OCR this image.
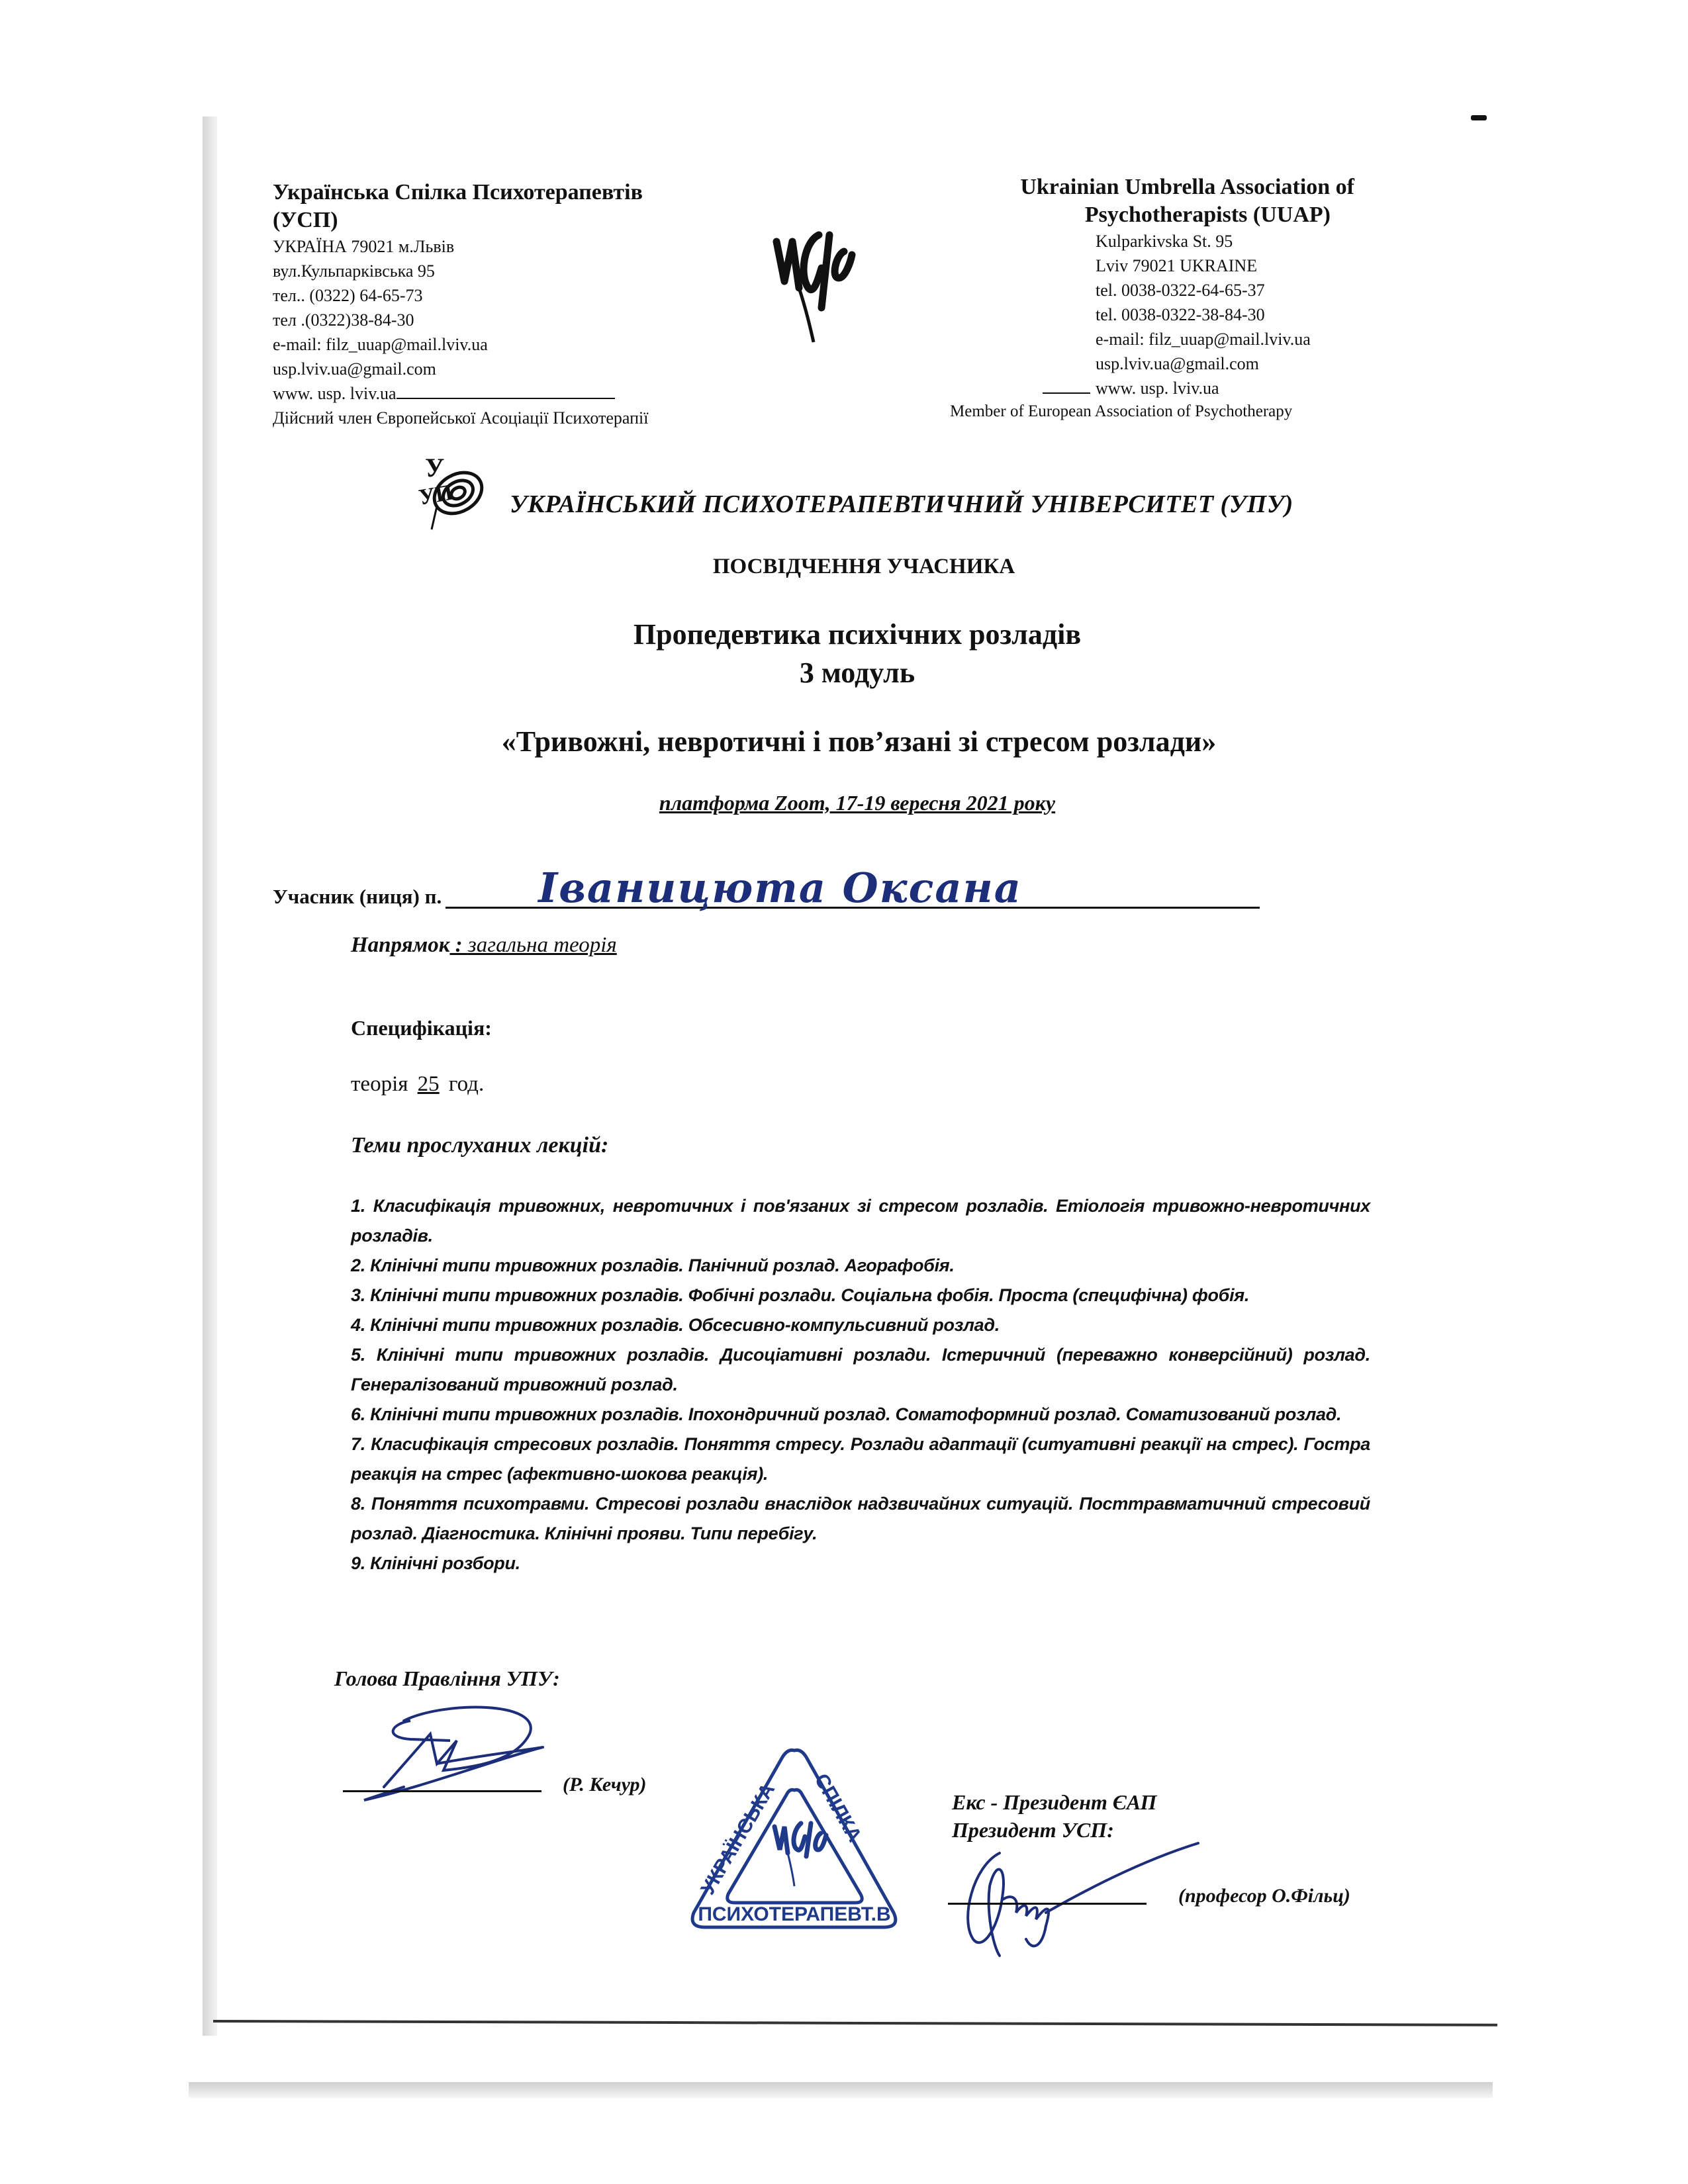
Українська Спілка Психотерапевтів
(УСП)
УКРАЇНА 79021 м.Львів
вул.Кульпарківська 95
тел.. (0322) 64-65-73
тел .(0322)38-84-30
e-mail: filz_uuap@mail.lviv.ua
usp.lviv.ua@gmail.com
www. usp. lviv.ua
Дійсний член Європейської Асоціації Психотерапії
Ukrainian Umbrella Association of
Psychotherapists (UUAP)
Kulparkivska St. 95
Lviv 79021 UKRAINE
tel. 0038-0322-64-65-37
tel. 0038-0322-38-84-30
e-mail: filz_uuap@mail.lviv.ua
usp.lviv.ua@gmail.com
www. usp. lviv.ua
Member of European Association of Psychotherapy
У
УП УКРАЇНСЬКИЙ ПСИХОТЕРАПЕВТИЧНИЙ УНІВЕРСИТЕТ (УПУ)
ПОСВІДЧЕННЯ УЧАСНИКА
Пропедевтика психічних розладів
3 модуль
«Тривожні, невротичні і пов’язані зі стресом розлади»
платформа Zoom, 17-19 вересня 2021 року
Учасник (ниця) п. Іваницюта Оксана
Напрямок : загальна теорія
Специфікація:
теорія 25 год.
Теми прослуханих лекцій:

1. Класифікація тривожних, невротичних і пов'язаних зі стресом розладів. Етіологія тривожно-невротичних розладів.

2. Клінічні типи тривожних розладів. Панічний розлад. Агорафобія.

3. Клінічні типи тривожних розладів. Фобічні розлади. Соціальна фобія. Проста (специфічна) фобія.

4. Клінічні типи тривожних розладів. Обсесивно-компульсивний розлад.

5. Клінічні типи тривожних розладів. Дисоціативні розлади. Істеричний (переважно конверсійний) розлад. Генералізований тривожний розлад.

6. Клінічні типи тривожних розладів. Іпохондричний розлад. Соматоформний розлад. Соматизований розлад.

7. Класифікація стресових розладів. Поняття стресу. Розлади адаптації (ситуативні реакції на стрес). Гостра реакція на стрес (афективно-шокова реакція).

8. Поняття психотравми. Стресові розлади внаслідок надзвичайних ситуацій. Посттравматичний стресовий розлад. Діагностика. Клінічні прояви. Типи перебігу.

9. Клінічні розбори.

Голова Правління УПУ:
(Р. Кечур)
УКРАЇНСЬКА СПІЛКА
ПСИХОТЕРАПЕВТ.В
Екс - Президент ЄАП
Президент УСП:
(професор О.Фільц)
